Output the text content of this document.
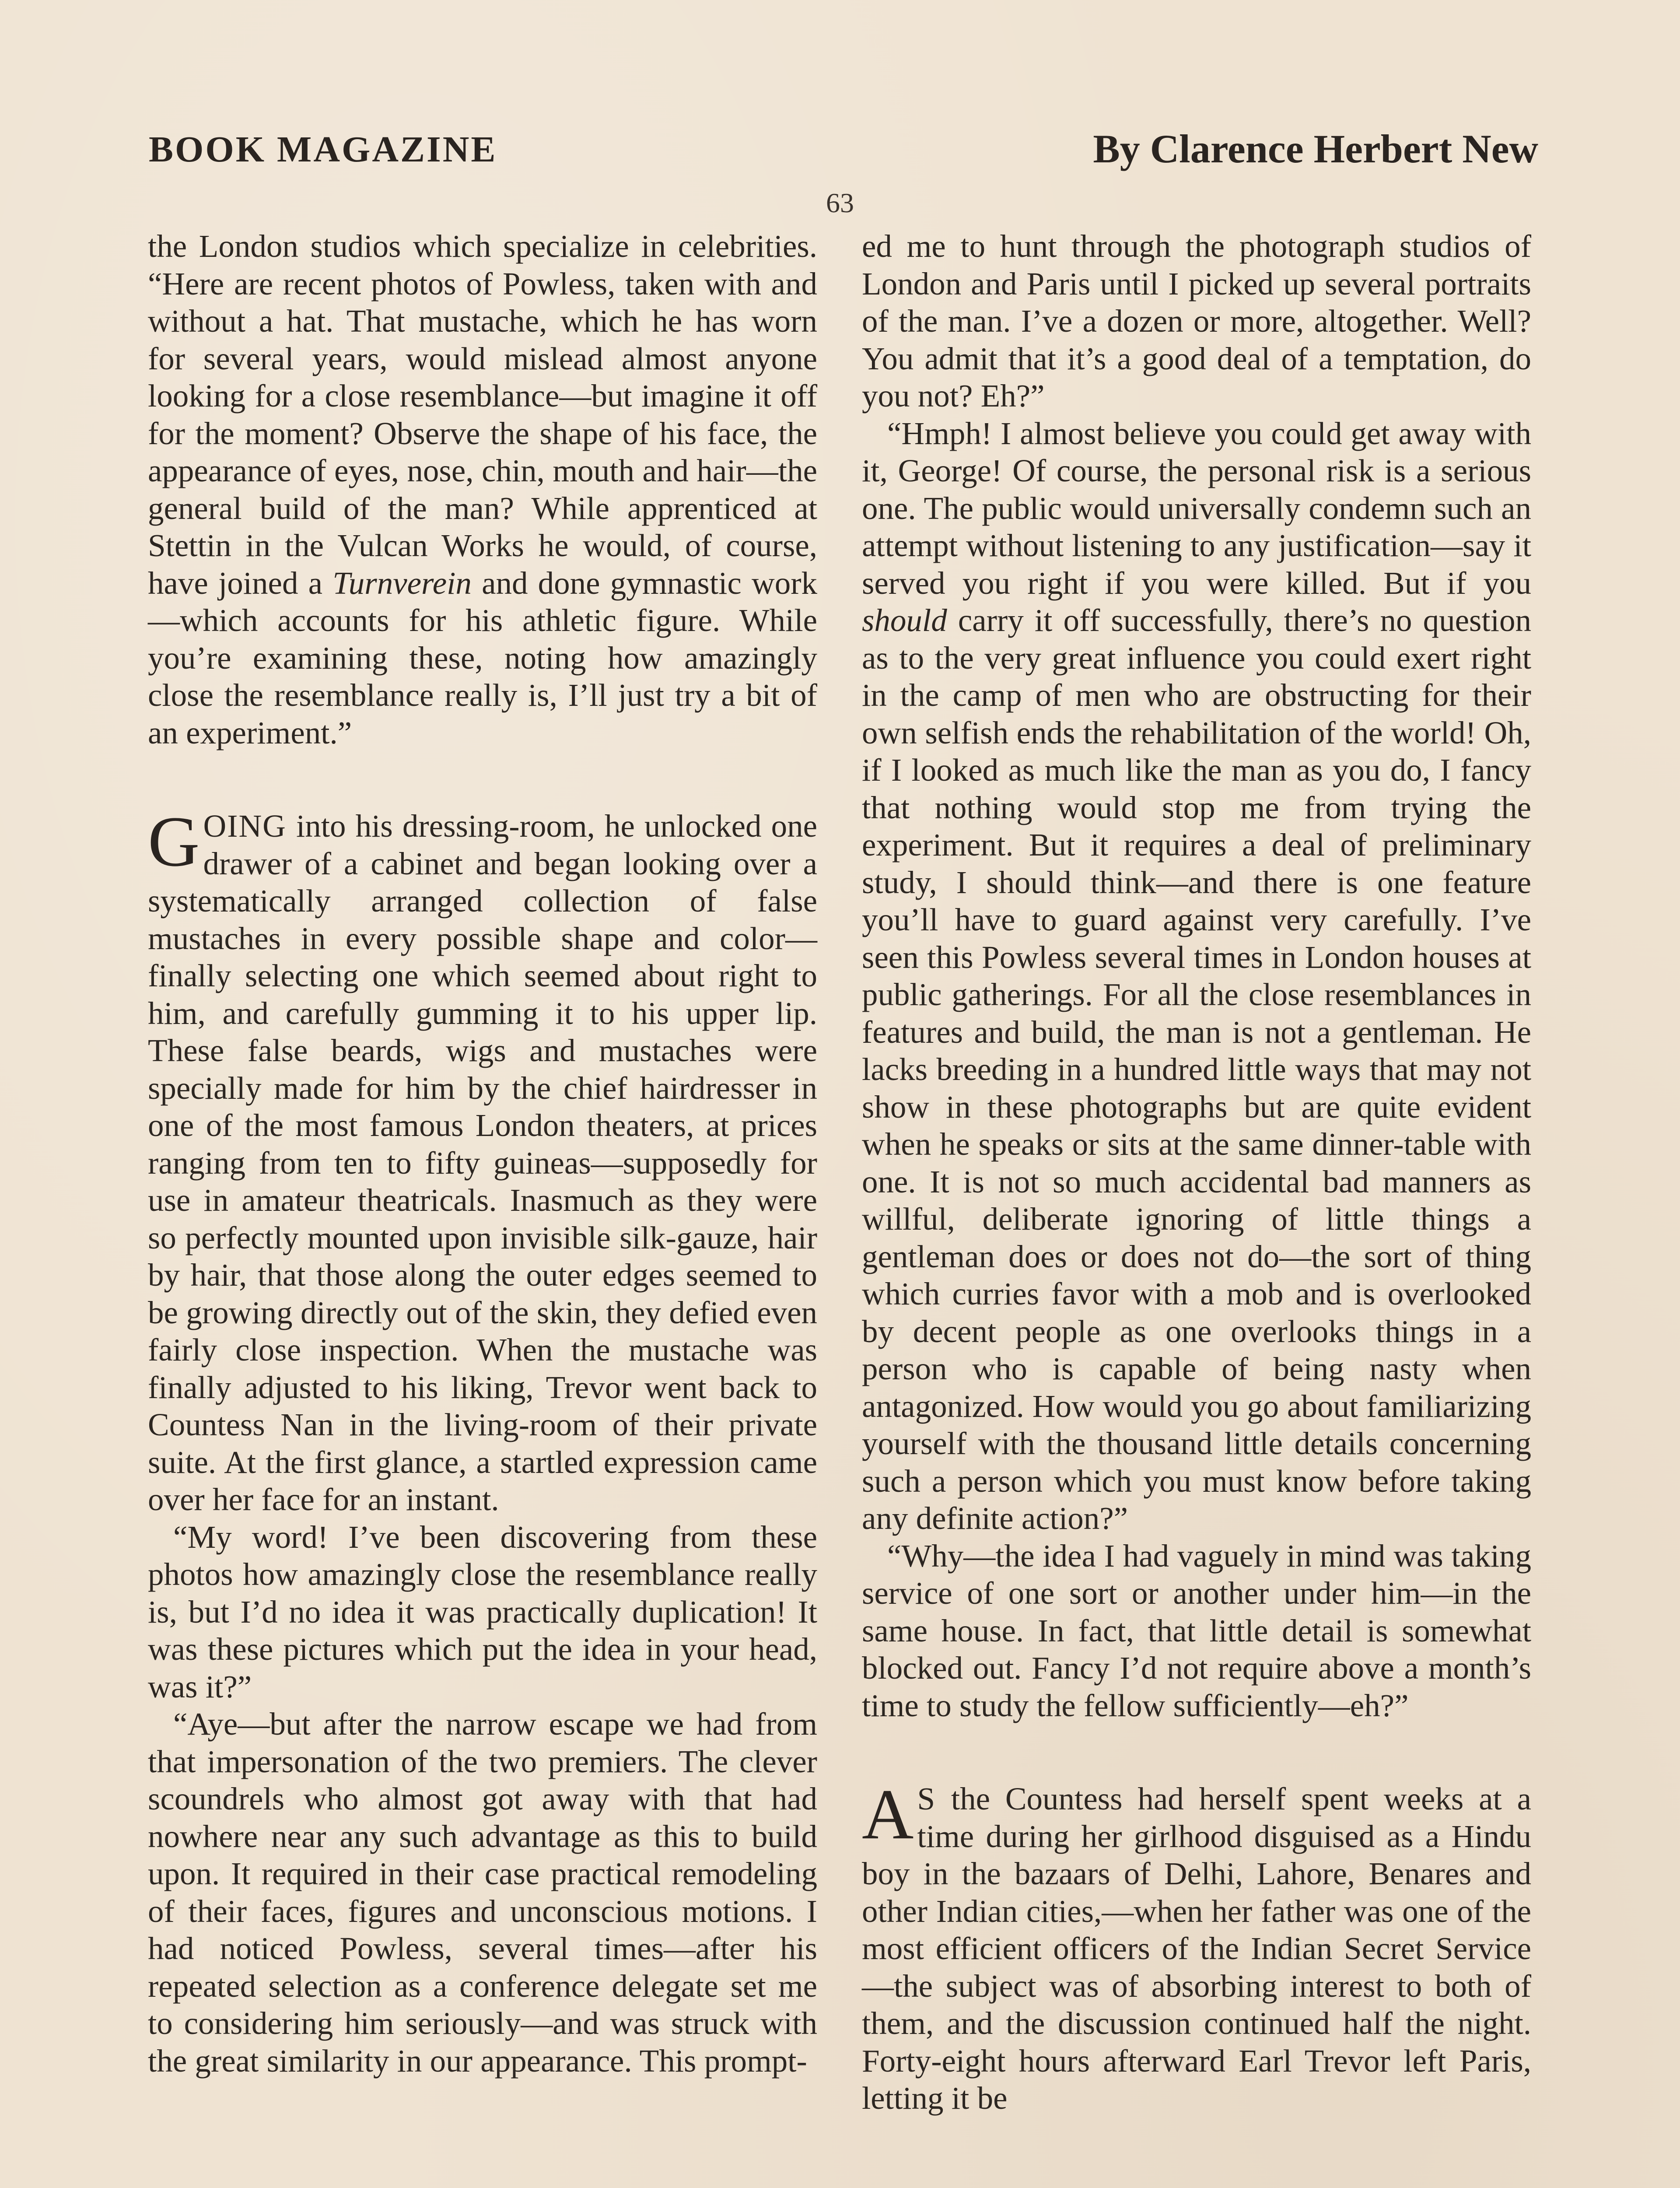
BOOK MAGAZINE	By Clarence Herbert New
63

the London studios which specialize in celebrities. “Here are recent photos of Powless, taken with and without a hat. That mustache, which he has worn for several years, would mislead almost anyone looking for a close resemblance—but imagine it off for the moment? Observe the shape of his face, the appearance of eyes, nose, chin, mouth and hair—the general build of the man? While apprenticed at Stettin in the Vulcan Works he would, of course, have joined a Turnverein and done gymnastic work—which accounts for his athletic figure. While you’re examining these, noting how amazingly close the resemblance really is, I’ll just try a bit of an experiment.”

GOING into his dressing-room, he unlocked one drawer of a cabinet and began looking over a systematically arranged collection of false mustaches in every possible shape and color—finally selecting one which seemed about right to him, and carefully gumming it to his upper lip. These false beards, wigs and mustaches were specially made for him by the chief hairdresser in one of the most famous London theaters, at prices ranging from ten to fifty guineas—supposedly for use in amateur theatricals. Inasmuch as they were so perfectly mounted upon invisible silk-gauze, hair by hair, that those along the outer edges seemed to be growing directly out of the skin, they defied even fairly close inspection. When the mustache was finally adjusted to his liking, Trevor went back to Countess Nan in the living-room of their private suite. At the first glance, a startled expression came over her face for an instant.

“My word! I’ve been discovering from these photos how amazingly close the resemblance really is, but I’d no idea it was practically duplication! It was these pictures which put the idea in your head, was it?”

“Aye—but after the narrow escape we had from that impersonation of the two premiers. The clever scoundrels who almost got away with that had nowhere near any such advantage as this to build upon. It required in their case practical remodeling of their faces, figures and unconscious motions. I had noticed Powless, several times—after his repeated selection as a conference delegate set me to considering him seriously—and was struck with the great similarity in our appearance. This prompt-

ed me to hunt through the photograph studios of London and Paris until I picked up several portraits of the man. I’ve a dozen or more, altogether. Well? You admit that it’s a good deal of a temptation, do you not? Eh?”

“Hmph! I almost believe you could get away with it, George! Of course, the personal risk is a serious one. The public would universally condemn such an attempt without listening to any justification—say it served you right if you were killed. But if you should carry it off successfully, there’s no question as to the very great influence you could exert right in the camp of men who are obstructing for their own selfish ends the rehabilitation of the world! Oh, if I looked as much like the man as you do, I fancy that nothing would stop me from trying the experiment. But it requires a deal of preliminary study, I should think—and there is one feature you’ll have to guard against very carefully. I’ve seen this Powless several times in London houses at public gatherings. For all the close resemblances in features and build, the man is not a gentleman. He lacks breeding in a hundred little ways that may not show in these photographs but are quite evident when he speaks or sits at the same dinner-table with one. It is not so much accidental bad manners as willful, deliberate ignoring of little things a gentleman does or does not do—the sort of thing which curries favor with a mob and is overlooked by decent people as one overlooks things in a person who is capable of being nasty when antagonized. How would you go about familiarizing yourself with the thousand little details concerning such a person which you must know before taking any definite action?”

“Why—the idea I had vaguely in mind was taking service of one sort or another under him—in the same house. In fact, that little detail is somewhat blocked out. Fancy I’d not require above a month’s time to study the fellow sufficiently—eh?”

A S the Countess had herself spent weeks at a time during her girlhood disguised as a Hindu boy in the bazaars of Delhi, Lahore, Benares and other Indian cities,—when her father was one of the most efficient officers of the Indian Secret Service—the subject was of absorbing interest to both of them, and the discussion continued half the night. Forty-eight hours afterward Earl Trevor left Paris, letting it be
